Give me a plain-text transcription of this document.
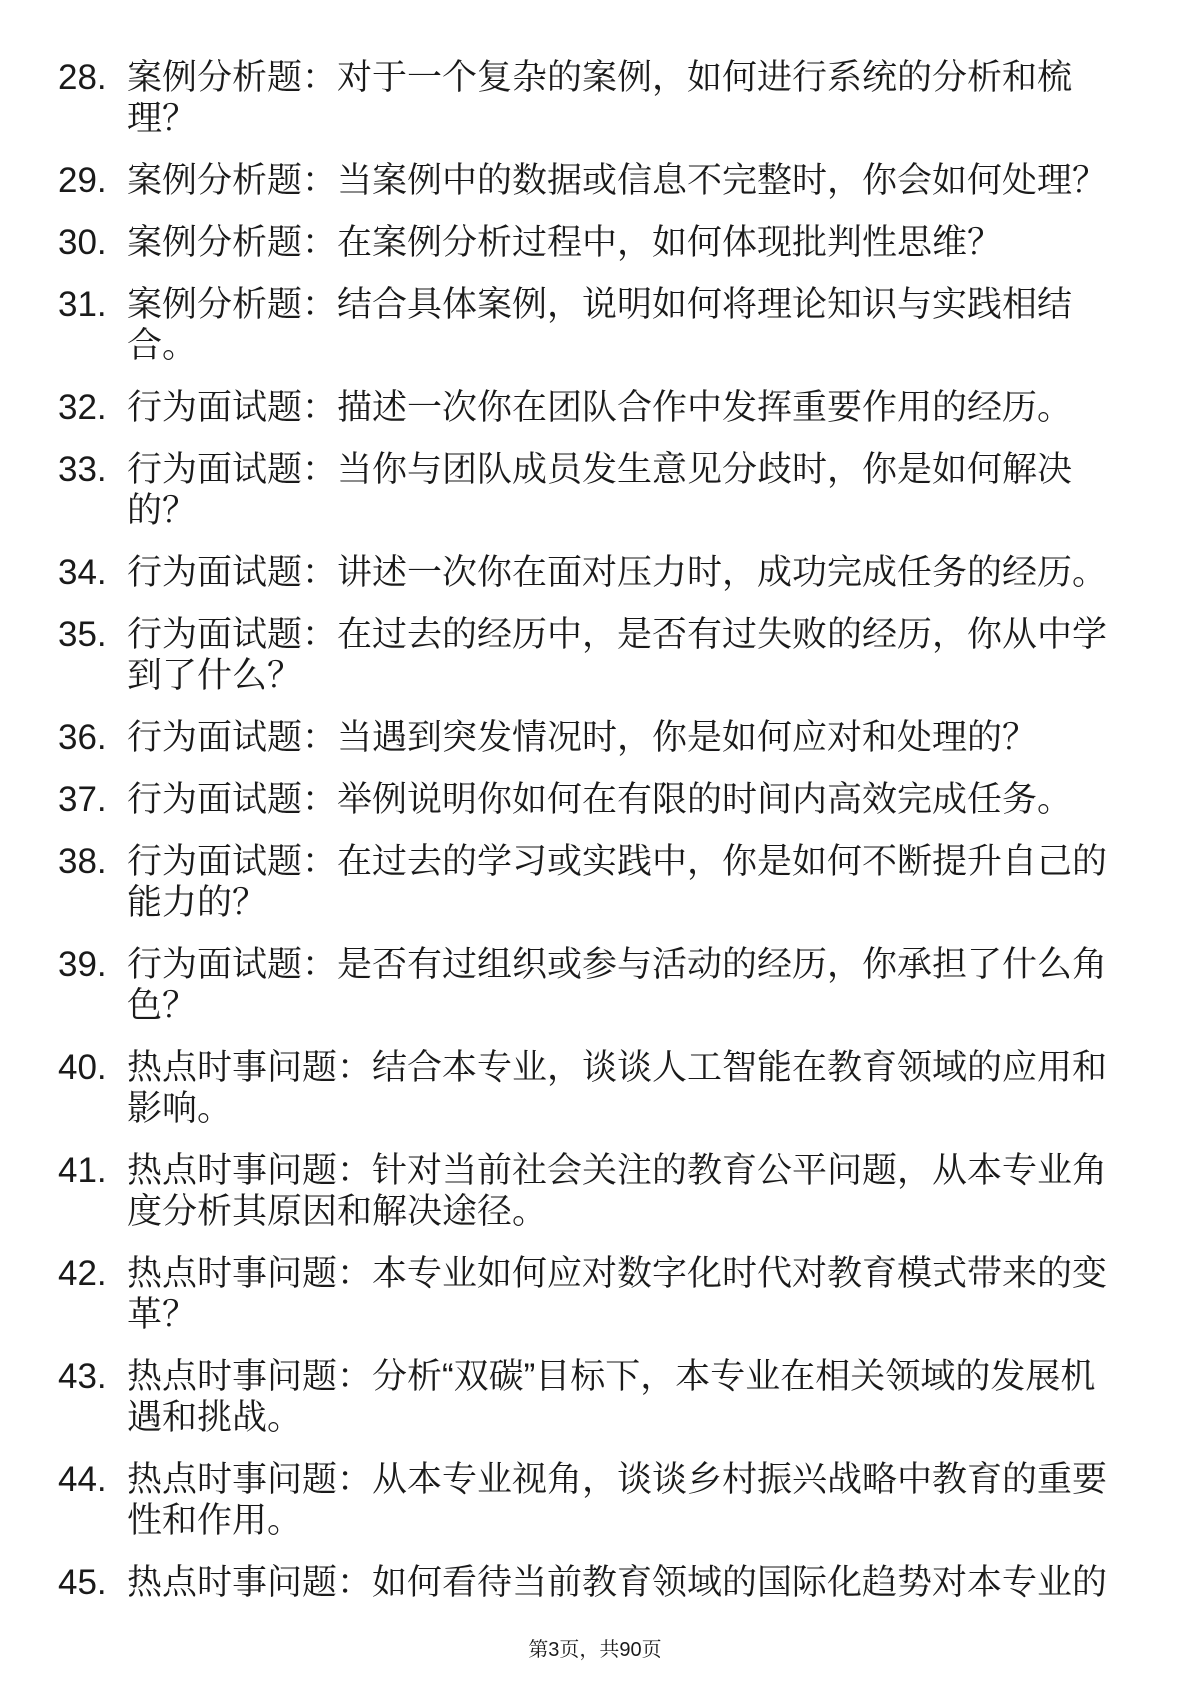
28. 案例分析题：对于一个复杂的案例，如何进行系统的分析和梳
理？
29. 案例分析题：当案例中的数据或信息不完整时，你会如何处理？
30. 案例分析题：在案例分析过程中，如何体现批判性思维？
31. 案例分析题：结合具体案例，说明如何将理论知识与实践相结
合。
32. 行为面试题：描述一次你在团队合作中发挥重要作用的经历。
33. 行为面试题：当你与团队成员发生意见分歧时，你是如何解决
的？
34. 行为面试题：讲述一次你在面对压力时，成功完成任务的经历。
35. 行为面试题：在过去的经历中，是否有过失败的经历，你从中学
到了什么？
36. 行为面试题：当遇到突发情况时，你是如何应对和处理的？
37. 行为面试题：举例说明你如何在有限的时间内高效完成任务。
38. 行为面试题：在过去的学习或实践中，你是如何不断提升自己的
能力的？
39. 行为面试题：是否有过组织或参与活动的经历，你承担了什么角
色？
40. 热点时事问题：结合本专业，谈谈人工智能在教育领域的应用和
影响。
41. 热点时事问题：针对当前社会关注的教育公平问题，从本专业角
度分析其原因和解决途径。
42. 热点时事问题：本专业如何应对数字化时代对教育模式带来的变
革？
43. 热点时事问题：分析“双碳”目标下，本专业在相关领域的发展机
遇和挑战。
44. 热点时事问题：从本专业视角，谈谈乡村振兴战略中教育的重要
性和作用。
45. 热点时事问题：如何看待当前教育领域的国际化趋势对本专业的
第3页，共90页
